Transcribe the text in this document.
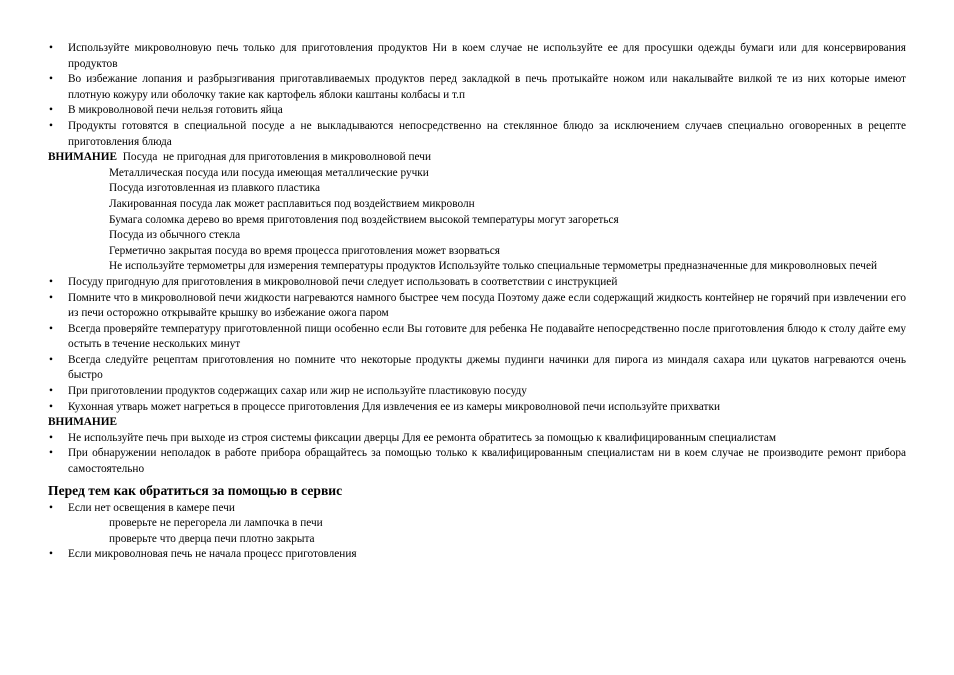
• Используйте микроволновую печь только для приготовления продуктов Ни в коем случае не используйте ее для просушки одежды бумаги или для консервирования продуктов
• Во избежание лопания и разбрызгивания приготавливаемых продуктов перед закладкой в печь протыкайте ножом или накалывайте вилкой те из них которые имеют плотную кожуру или оболочку такие как картофель яблоки каштаны колбасы и т.п
• В микроволновой печи нельзя готовить яйца
• Продукты готовятся в специальной посуде а не выкладываются непосредственно на стеклянное блюдо за исключением случаев специально оговоренных в рецепте приготовления блюда
ВНИМАНИЕ  Посуда  не пригодная для приготовления в микроволновой печи
Металлическая посуда или посуда имеющая металлические ручки
Посуда изготовленная из плавкого пластика
Лакированная посуда лак может расплавиться под воздействием микроволн
Бумага соломка дерево во время приготовления под воздействием высокой температуры могут загореться
Посуда из обычного стекла
Герметично закрытая посуда во время процесса приготовления может взорваться
Не используйте термометры для измерения температуры продуктов Используйте только специальные термометры предназначенные для микроволновых печей
• Посуду пригодную для приготовления в микроволновой печи следует использовать в соответствии с инструкцией
• Помните что в микроволновой печи жидкости нагреваются намного быстрее чем посуда Поэтому даже если содержащий жидкость контейнер не горячий при извлечении его из печи осторожно открывайте крышку во избежание ожога паром
• Всегда проверяйте температуру приготовленной пищи особенно если Вы готовите для ребенка Не подавайте непосредственно после приготовления блюдо к столу дайте ему остыть в течение нескольких минут
• Всегда следуйте рецептам приготовления но помните что некоторые продукты джемы пудинги начинки для пирога из миндаля сахара или цукатов нагреваются очень быстро
• При приготовлении продуктов содержащих сахар или жир не используйте пластиковую посуду
• Кухонная утварь может нагреться в процессе приготовления Для извлечения ее из камеры микроволновой печи используйте прихватки
ВНИМАНИЕ
• Не используйте печь при выходе из строя системы фиксации дверцы Для ее ремонта обратитесь за помощью к квалифицированным специалистам
• При обнаружении неполадок в работе прибора обращайтесь за помощью только к квалифицированным специалистам ни в коем случае не производите ремонт прибора самостоятельно
Перед тем как обратиться за помощью в сервис
• Если нет освещения в камере печи
проверьте не перегорела ли лампочка в печи
проверьте что дверца печи плотно закрыта
• Если микроволновая печь не начала процесс приготовления
